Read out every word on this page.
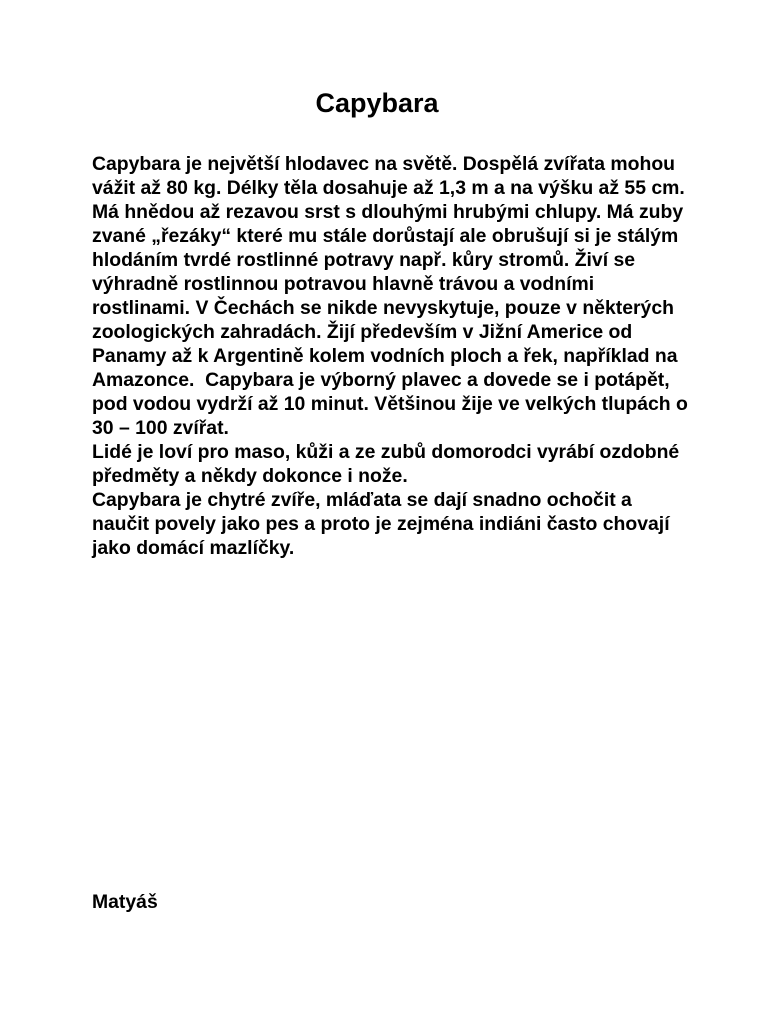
Capybara

Capybara je největší hlodavec na světě. Dospělá zvířata mohou vážit až 80 kg. Délky těla dosahuje až 1,3 m a na výšku až 55 cm. Má hnědou až rezavou srst s dlouhými hrubými chlupy. Má zuby zvané „řezáky“ které mu stále dorůstají ale obrušují si je stálým hlodáním tvrdé rostlinné potravy např. kůry stromů. Živí se výhradně rostlinnou potravou hlavně trávou a vodními rostlinami. V Čechách se nikde nevyskytuje, pouze v některých zoologických zahradách. Žijí především v Jižní Americe od Panamy až k Argentině kolem vodních ploch a řek, například na Amazonce.  Capybara je výborný plavec a dovede se i potápět, pod vodou vydrží až 10 minut. Většinou žije ve velkých tlupách o 30 – 100 zvířat.

Lidé je loví pro maso, kůži a ze zubů domorodci vyrábí ozdobné předměty a někdy dokonce i nože.

Capybara je chytré zvíře, mláďata se dají snadno ochočit a naučit povely jako pes a proto je zejména indiáni často chovají jako domácí mazlíčky.

Matyáš
